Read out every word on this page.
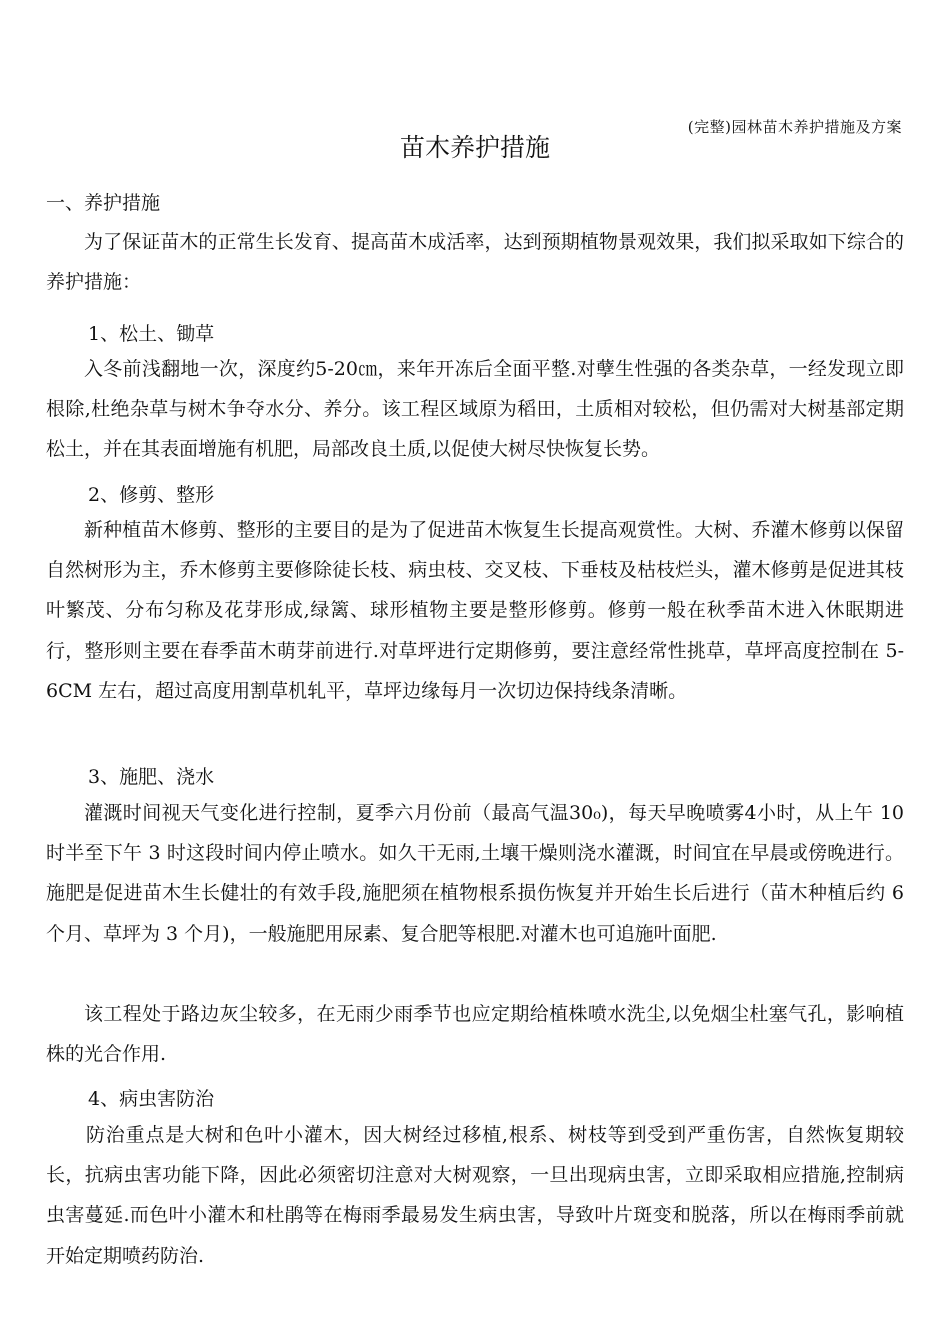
(完整)园林苗木养护措施及方案
苗木养护措施
一、养护措施
为了保证苗木的正常生长发育、提高苗木成活率，达到预期植物景观效果，我们拟采取如下综合的养护措施：
1、松土、锄草
入冬前浅翻地一次，深度约5-20㎝，来年开冻后全面平整.对孽生性强的各类杂草，一经发现立即根除,杜绝杂草与树木争夺水分、养分。该工程区域原为稻田，土质相对较松，但仍需对大树基部定期松土，并在其表面增施有机肥，局部改良土质,以促使大树尽快恢复长势。
2、修剪、整形
新种植苗木修剪、整形的主要目的是为了促进苗木恢复生长提高观赏性。大树、乔灌木修剪以保留自然树形为主，乔木修剪主要修除徒长枝、病虫枝、交叉枝、下垂枝及枯枝烂头，灌木修剪是促进其枝叶繁茂、分布匀称及花芽形成,绿篱、球形植物主要是整形修剪。修剪一般在秋季苗木进入休眠期进行，整形则主要在春季苗木萌芽前进行.对草坪进行定期修剪，要注意经常性挑草，草坪高度控制在 5-6CM 左右，超过高度用割草机轧平，草坪边缘每月一次切边保持线条清晰。
3、施肥、浇水
灌溉时间视天气变化进行控制，夏季六月份前（最高气温30₀)，每天早晚喷雾4小时，从上午 10 时半至下午 3 时这段时间内停止喷水。如久干无雨,土壤干燥则浇水灌溉，时间宜在早晨或傍晚进行。施肥是促进苗木生长健壮的有效手段,施肥须在植物根系损伤恢复并开始生长后进行（苗木种植后约 6 个月、草坪为 3 个月)，一般施肥用尿素、复合肥等根肥.对灌木也可追施叶面肥.
该工程处于路边灰尘较多，在无雨少雨季节也应定期给植株喷水洗尘,以免烟尘杜塞气孔，影响植株的光合作用.
4、病虫害防治
防治重点是大树和色叶小灌木，因大树经过移植,根系、树枝等到受到严重伤害，自然恢复期较长，抗病虫害功能下降，因此必须密切注意对大树观察，一旦出现病虫害，立即采取相应措施,控制病虫害蔓延.而色叶小灌木和杜鹃等在梅雨季最易发生病虫害，导致叶片斑变和脱落，所以在梅雨季前就开始定期喷药防治.
